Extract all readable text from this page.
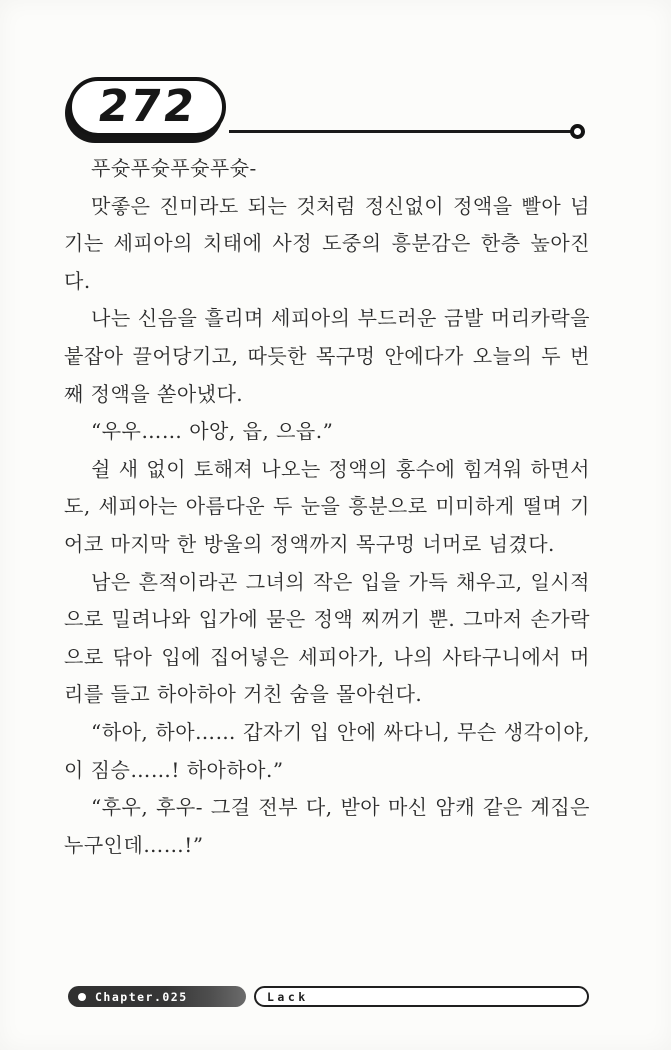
272

푸슛푸슛푸슛푸슛-

맛좋은 진미라도 되는 것처럼 정신없이 정액을 빨아 넘기는 세피아의 치태에 사정 도중의 흥분감은 한층 높아진다.

나는 신음을 흘리며 세피아의 부드러운 금발 머리카락을 붙잡아 끌어당기고, 따듯한 목구멍 안에다가 오늘의 두 번째 정액을 쏟아냈다.

“우우…… 아앙, 읍, 으읍.”

쉴 새 없이 토해져 나오는 정액의 홍수에 힘겨워 하면서도, 세피아는 아름다운 두 눈을 흥분으로 미미하게 떨며 기어코 마지막 한 방울의 정액까지 목구멍 너머로 넘겼다.

남은 흔적이라곤 그녀의 작은 입을 가득 채우고, 일시적으로 밀려나와 입가에 묻은 정액 찌꺼기 뿐. 그마저 손가락으로 닦아 입에 집어넣은 세피아가, 나의 사타구니에서 머리를 들고 하아하아 거친 숨을 몰아쉰다.

“하아, 하아…… 갑자기 입 안에 싸다니, 무슨 생각이야, 이 짐승……! 하아하아.”

“후우, 후우- 그걸 전부 다, 받아 마신 암캐 같은 계집은 누구인데……!”

Chapter.025	Lack
